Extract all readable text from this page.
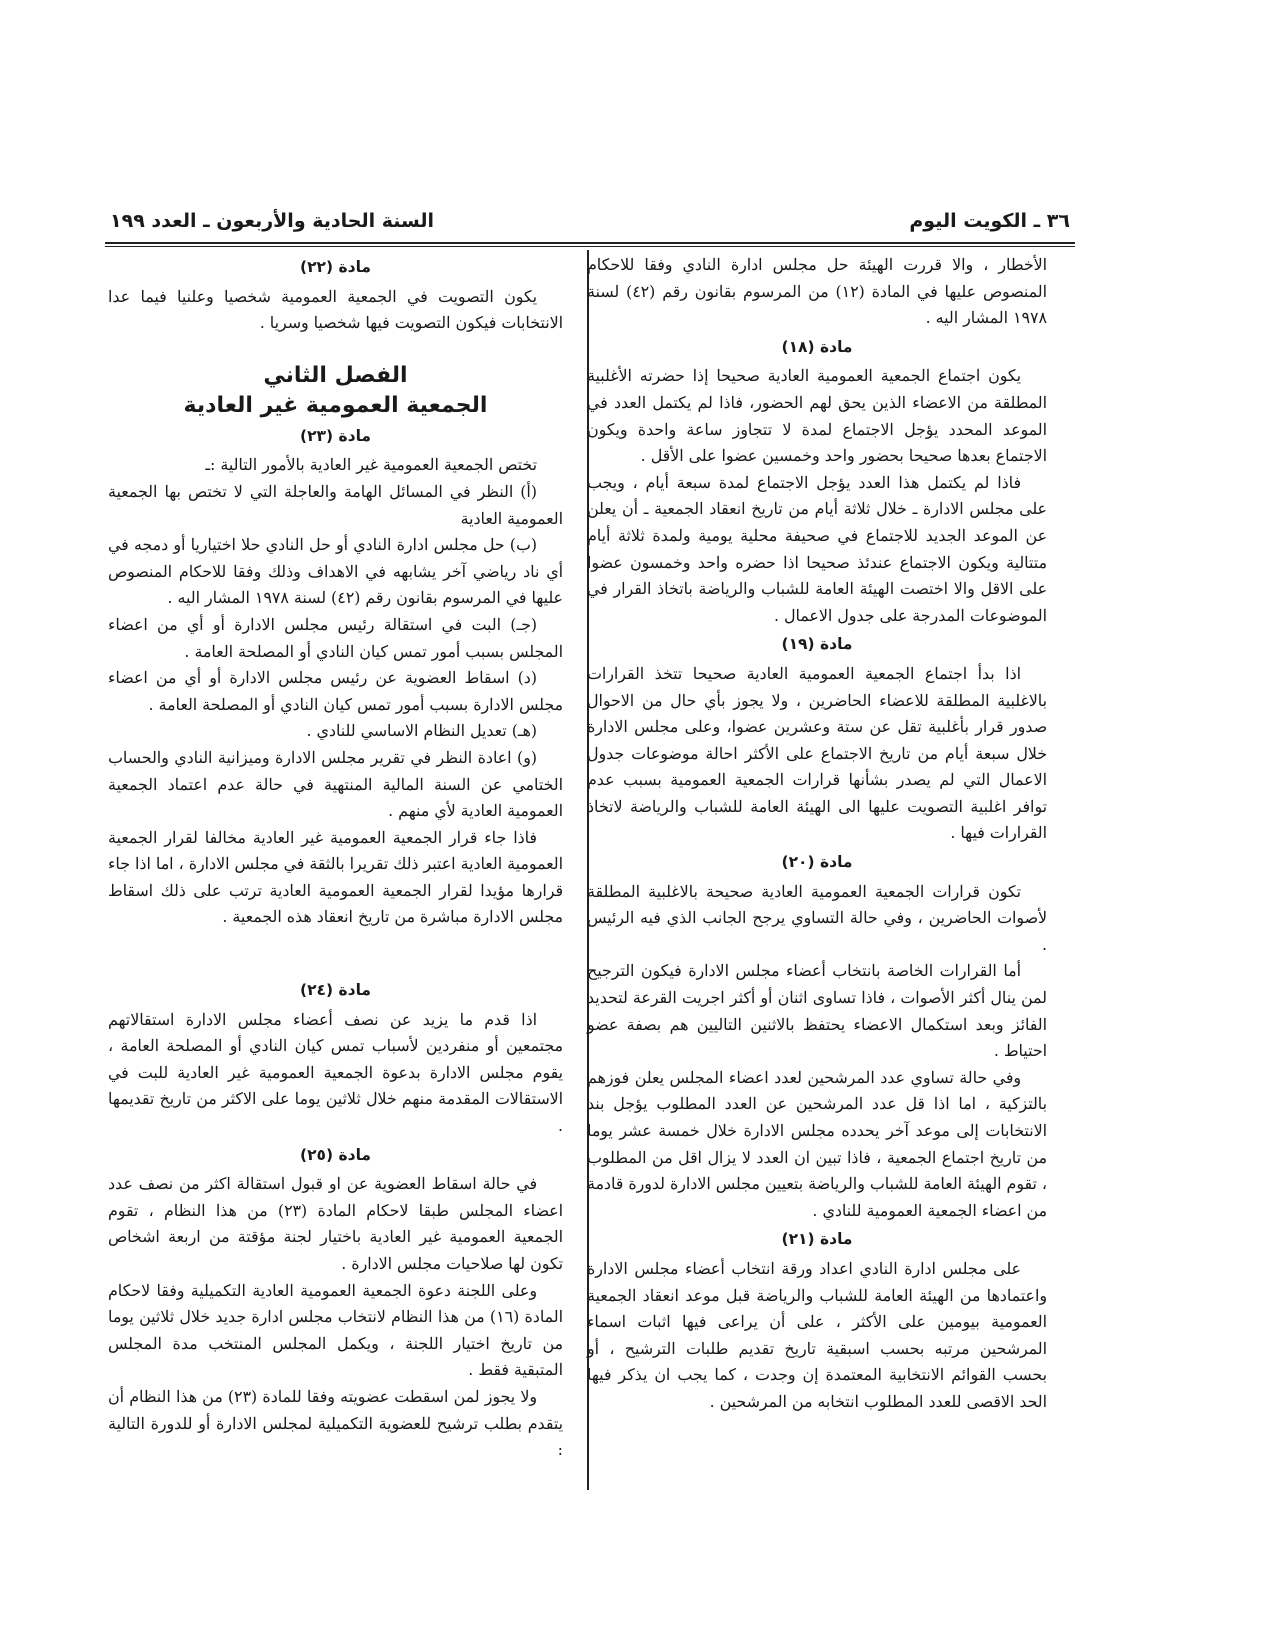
٣٦ ـ الكويت اليوم
السنة الحادية والأربعون ـ العدد ١٩٩

الأخطار ، والا قررت الهيئة حل مجلس ادارة النادي وفقا للاحكام المنصوص عليها في المادة (١٢) من المرسوم بقانون رقم (٤٢) لسنة ١٩٧٨ المشار اليه .

مادة (١٨)

يكون اجتماع الجمعية العمومية العادية صحيحا إذا حضرته الأغلبية المطلقة من الاعضاء الذين يحق لهم الحضور، فاذا لم يكتمل العدد في الموعد المحدد يؤجل الاجتماع لمدة لا تتجاوز ساعة واحدة ويكون الاجتماع بعدها صحيحا بحضور واحد وخمسين عضوا على الأقل .

فاذا لم يكتمل هذا العدد يؤجل الاجتماع لمدة سبعة أيام ، ويجب على مجلس الادارة ـ خلال ثلاثة أيام من تاريخ انعقاد الجمعية ـ أن يعلن عن الموعد الجديد للاجتماع في صحيفة محلية يومية ولمدة ثلاثة أيام متتالية ويكون الاجتماع عندئذ صحيحا اذا حضره واحد وخمسون عضوا على الاقل والا اختصت الهيئة العامة للشباب والرياضة باتخاذ القرار في الموضوعات المدرجة على جدول الاعمال .

مادة (١٩)

اذا بدأ اجتماع الجمعية العمومية العادية صحيحا تتخذ القرارات بالاغلبية المطلقة للاعضاء الحاضرين ، ولا يجوز بأي حال من الاحوال صدور قرار بأغلبية تقل عن ستة وعشرين عضوا، وعلى مجلس الادارة خلال سبعة أيام من تاريخ الاجتماع على الأكثر احالة موضوعات جدول الاعمال التي لم يصدر بشأنها قرارات الجمعية العمومية بسبب عدم توافر اغلبية التصويت عليها الى الهيئة العامة للشباب والرياضة لاتخاذ القرارات فيها .

مادة (٢٠)

تكون قرارات الجمعية العمومية العادية صحيحة بالاغلبية المطلقة لأصوات الحاضرين ، وفي حالة التساوي يرجح الجانب الذي فيه الرئيس .

أما القرارات الخاصة بانتخاب أعضاء مجلس الادارة فيكون الترجيح لمن ينال أكثر الأصوات ، فاذا تساوى اثنان أو أكثر اجريت القرعة لتحديد الفائز وبعد استكمال الاعضاء يحتفظ بالاثنين التاليين هم بصفة عضو احتياط .

وفي حالة تساوي عدد المرشحين لعدد اعضاء المجلس يعلن فوزهم بالتزكية ، اما اذا قل عدد المرشحين عن العدد المطلوب يؤجل بند الانتخابات إلى موعد آخر يحدده مجلس الادارة خلال خمسة عشر يوما من تاريخ اجتماع الجمعية ، فاذا تبين ان العدد لا يزال اقل من المطلوب ، تقوم الهيئة العامة للشباب والرياضة بتعيين مجلس الادارة لدورة قادمة من اعضاء الجمعية العمومية للنادي .

مادة (٢١)

على مجلس ادارة النادي اعداد ورقة انتخاب أعضاء مجلس الادارة واعتمادها من الهيئة العامة للشباب والرياضة قبل موعد انعقاد الجمعية العمومية بيومين على الأكثر ، على أن يراعى فيها اثبات اسماء المرشحين مرتبه بحسب اسبقية تاريخ تقديم طلبات الترشيح ، أو بحسب القوائم الانتخابية المعتمدة إن وجدت ، كما يجب ان يذكر فيها الحد الاقصى للعدد المطلوب انتخابه من المرشحين .

مادة (٢٢)

يكون التصويت في الجمعية العمومية شخصيا وعلنيا فيما عدا الانتخابات فيكون التصويت فيها شخصيا وسريا .

الفصل الثاني
الجمعية العمومية غير العادية
مادة (٢٣)

تختص الجمعية العمومية غير العادية بالأمور التالية :ـ

(أ) النظر في المسائل الهامة والعاجلة التي لا تختص بها الجمعية العمومية العادية

(ب) حل مجلس ادارة النادي أو حل النادي حلا اختياريا أو دمجه في أي ناد رياضي آخر يشابهه في الاهداف وذلك وفقا للاحكام المنصوص عليها في المرسوم بقانون رقم (٤٢) لسنة ١٩٧٨ المشار اليه .

(جـ) البت في استقالة رئيس مجلس الادارة أو أي من اعضاء المجلس بسبب أمور تمس كيان النادي أو المصلحة العامة .

(د) اسقاط العضوية عن رئيس مجلس الادارة أو أي من اعضاء مجلس الادارة بسبب أمور تمس كيان النادي أو المصلحة العامة .

(هـ) تعديل النظام الاساسي للنادي .

(و) اعادة النظر في تقرير مجلس الادارة وميزانية النادي والحساب الختامي عن السنة المالية المنتهية في حالة عدم اعتماد الجمعية العمومية العادية لأي منهم .

فاذا جاء قرار الجمعية العمومية غير العادية مخالفا لقرار الجمعية العمومية العادية اعتبر ذلك تقريرا بالثقة في مجلس الادارة ، اما اذا جاء قرارها مؤيدا لقرار الجمعية العمومية العادية ترتب على ذلك اسقاط مجلس الادارة مباشرة من تاريخ انعقاد هذه الجمعية .

مادة (٢٤)

اذا قدم ما يزيد عن نصف أعضاء مجلس الادارة استقالاتهم مجتمعين أو منفردين لأسباب تمس كيان النادي أو المصلحة العامة ، يقوم مجلس الادارة بدعوة الجمعية العمومية غير العادية للبت في الاستقالات المقدمة منهم خلال ثلاثين يوما على الاكثر من تاريخ تقديمها .

مادة (٢٥)

في حالة اسقاط العضوية عن او قبول استقالة اكثر من نصف عدد اعضاء المجلس طبقا لاحكام المادة (٢٣) من هذا النظام ، تقوم الجمعية العمومية غير العادية باختيار لجنة مؤقتة من اربعة اشخاص تكون لها صلاحيات مجلس الادارة .

وعلى اللجنة دعوة الجمعية العمومية العادية التكميلية وفقا لاحكام المادة (١٦) من هذا النظام لانتخاب مجلس ادارة جديد خلال ثلاثين يوما من تاريخ اختيار اللجنة ، ويكمل المجلس المنتخب مدة المجلس المتبقية فقط .

ولا يجوز لمن اسقطت عضويته وفقا للمادة (٢٣) من هذا النظام أن يتقدم بطلب ترشيح للعضوية التكميلية لمجلس الادارة أو للدورة التالية :
